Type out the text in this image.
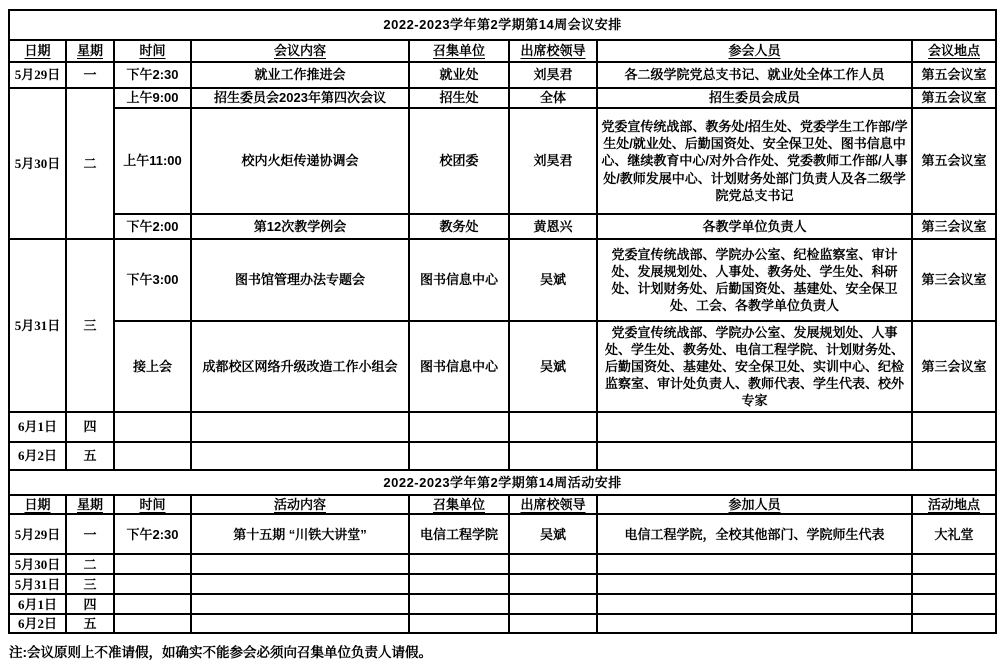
2022-2023学年第2学期第14周会议安排							
日期	星期	时间	会议内容	召集单位	出席校领导	参会人员	会议地点
5月29日	一	下午2:30	就业工作推进会	就业处	刘昊君	各二级学院党总支书记、就业处全体工作人员	第五会议室
5月30日	二	上午9:00	招生委员会2023年第四次会议	招生处	全体	招生委员会成员	第五会议室
		上午11:00	校内火炬传递协调会	校团委	刘昊君	党委宣传统战部、教务处/招生处、党委学生工作部/学生处/就业处、后勤国资处、安全保卫处、图书信息中心、继续教育中心/对外合作处、党委教师工作部/人事处/教师发展中心、计划财务处部门负责人及各二级学院党总支书记	第五会议室
		下午2:00	第12次教学例会	教务处	黄恩兴	各教学单位负责人	第三会议室
5月31日	三	下午3:00	图书馆管理办法专题会	图书信息中心	吴斌	党委宣传统战部、学院办公室、纪检监察室、审计处、发展规划处、人事处、教务处、学生处、科研处、计划财务处、后勤国资处、基建处、安全保卫处、工会、各教学单位负责人	第三会议室
		接上会	成都校区网络升级改造工作小组会	图书信息中心	吴斌	党委宣传统战部、学院办公室、发展规划处、人事处、学生处、教务处、电信工程学院、计划财务处、后勤国资处、基建处、安全保卫处、实训中心、纪检监察室、审计处负责人、教师代表、学生代表、校外专家	第三会议室
6月1日	四						
6月2日	五						
2022-2023学年第2学期第14周活动安排							
日期	星期	时间	活动内容	召集单位	出席校领导	参加人员	活动地点
5月29日	一	下午2:30	第十五期 “川铁大讲堂”	电信工程学院	吴斌	电信工程学院，全校其他部门、学院师生代表	大礼堂
5月30日	二						
5月31日	三						
6月1日	四						
6月2日	五						
注:会议原则上不准请假，如确实不能参会必须向召集单位负责人请假。
